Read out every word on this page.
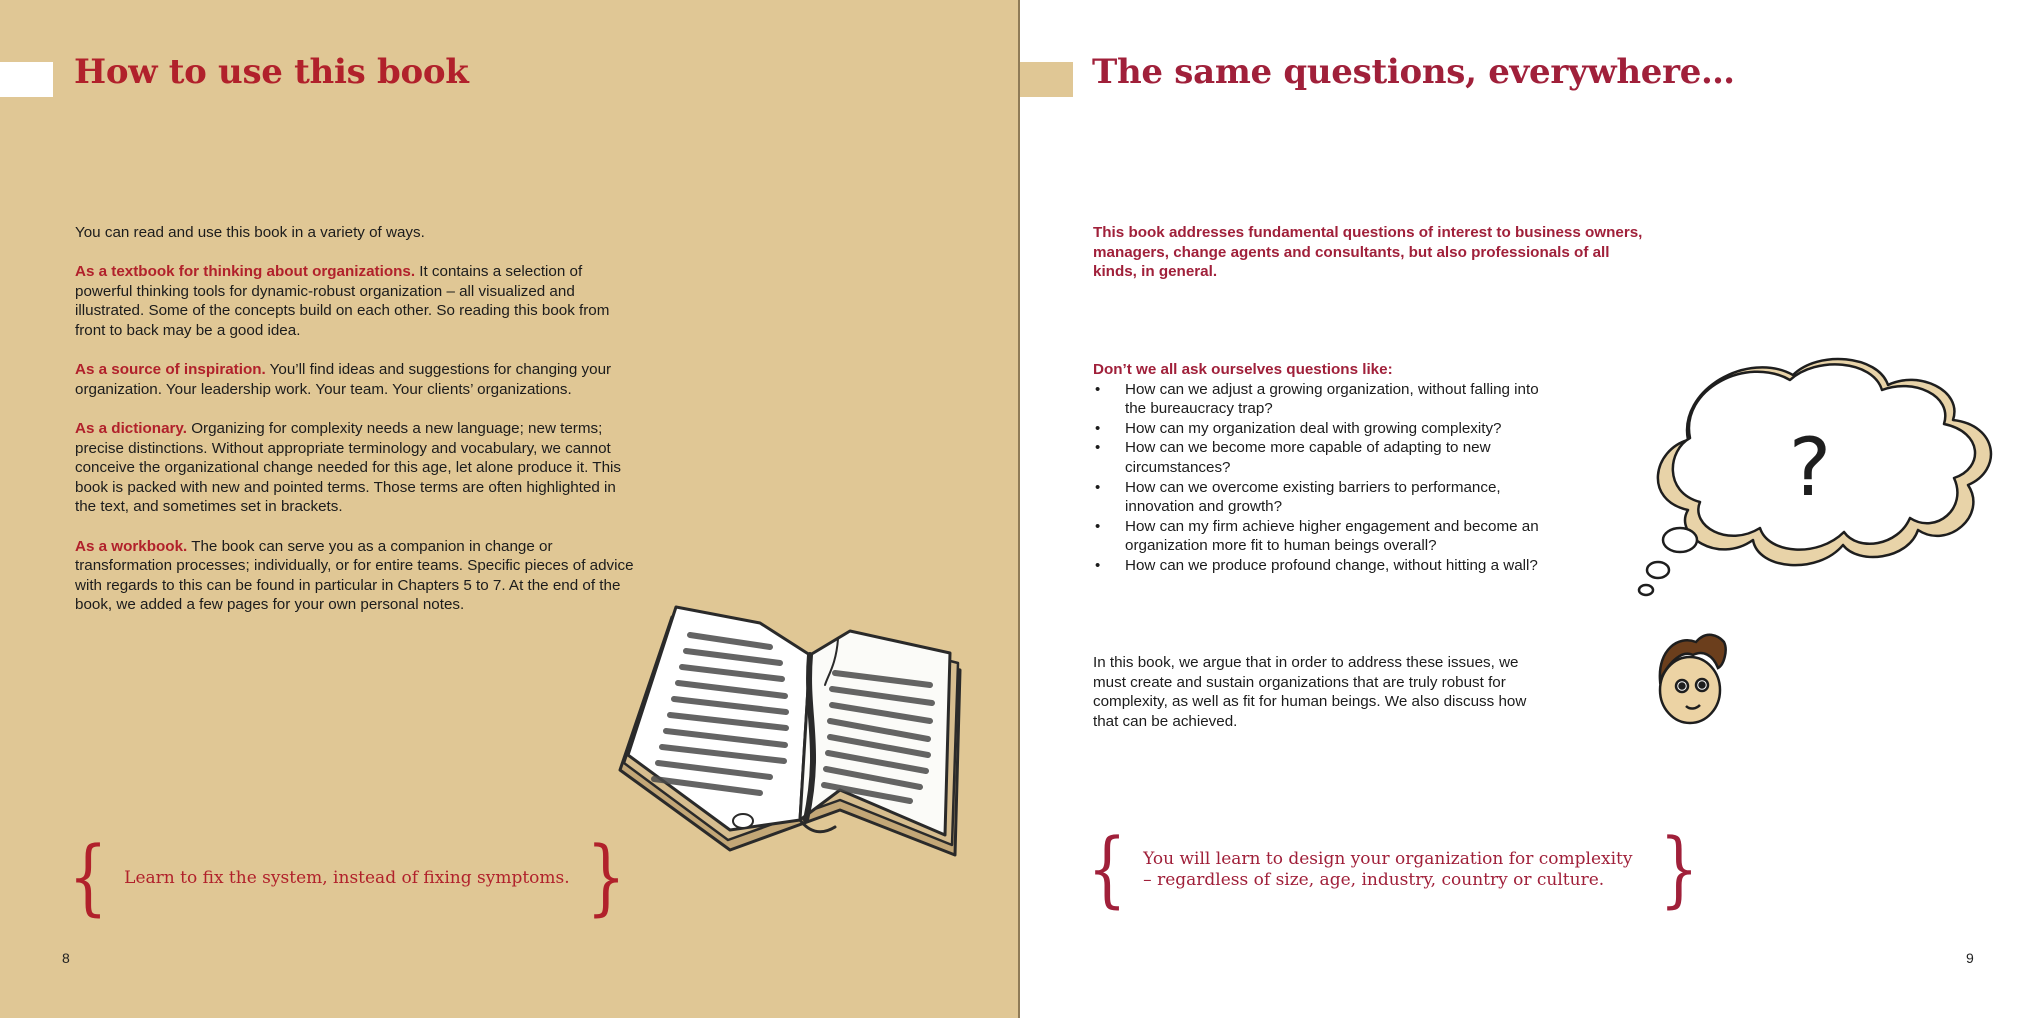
How to use this book

You can read and use this book in a variety of ways.

As a textbook for thinking about organizations. It contains a selection of powerful thinking tools for dynamic-robust organization – all visualized and illustrated. Some of the concepts build on each other. So reading this book from front to back may be a good idea.

As a source of inspiration. You’ll find ideas and suggestions for changing your organization. Your leadership work. Your team. Your clients’ organizations.

As a dictionary. Organizing for complexity needs a new language; new terms; precise distinctions. Without appropriate terminology and vocabulary, we cannot conceive the organizational change needed for this age, let alone produce it. This book is packed with new and pointed terms. Those terms are often highlighted in the text, and sometimes set in brackets.

As a workbook. The book can serve you as a companion in change or transformation processes; individually, or for entire teams. Specific pieces of advice with regards to this can be found in particular in Chapters 5 to 7. At the end of the book, we added a few pages for your own personal notes.

{ Learn to fix the system, instead of fixing symptoms. }
8
The same questions, everywhere…
This book addresses fundamental questions of interest to business owners, managers, change agents and consultants, but also professionals of all kinds, in general.
Don’t we all ask ourselves questions like:
• How can we adjust a growing organization, without falling into the bureaucracy trap?
• How can my organization deal with growing complexity?
• How can we become more capable of adapting to new circumstances?
• How can we overcome existing barriers to performance, innovation and growth?
• How can my firm achieve higher engagement and become an organization more fit to human beings overall?
• How can we produce profound change, without hitting a wall?
In this book, we argue that in order to address these issues, we must create and sustain organizations that are truly robust for complexity, as well as fit for human beings. We also discuss how that can be achieved.
?
{ You will learn to design your organization for complexity – regardless of size, age, industry, country or culture. }
9
